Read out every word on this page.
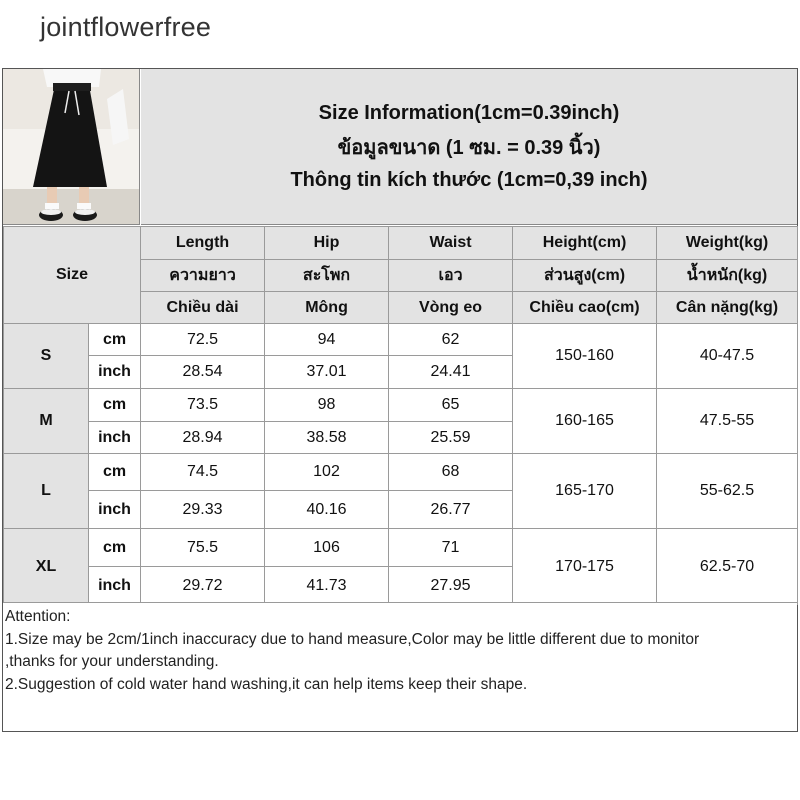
jointflowerfree
Size Information(1cm=0.39inch)
ข้อมูลขนาด (1 ซม. = 0.39 นิ้ว)
Thông tin kích thước (1cm=0,39 inch)
Size		Length	Hip	Waist	Height(cm)	Weight(kg)
		ความยาว	สะโพก	เอว	ส่วนสูง(cm)	น้ำหนัก(kg)
		Chiều dài	Mông	Vòng eo	Chiều cao(cm)	Cân nặng(kg)
S	cm	72.5	94	62	150-160	40-47.5
	inch	28.54	37.01	24.41		
M	cm	73.5	98	65	160-165	47.5-55
	inch	28.94	38.58	25.59		
L	cm	74.5	102	68	165-170	55-62.5
	inch	29.33	40.16	26.77		
XL	cm	75.5	106	71	170-175	62.5-70
	inch	29.72	41.73	27.95		
Attention:
1.Size may be 2cm/1inch inaccuracy due to hand measure,Color may be little different due to monitor
,thanks for your understanding.
2.Suggestion of cold water hand washing,it can help items keep their shape.
